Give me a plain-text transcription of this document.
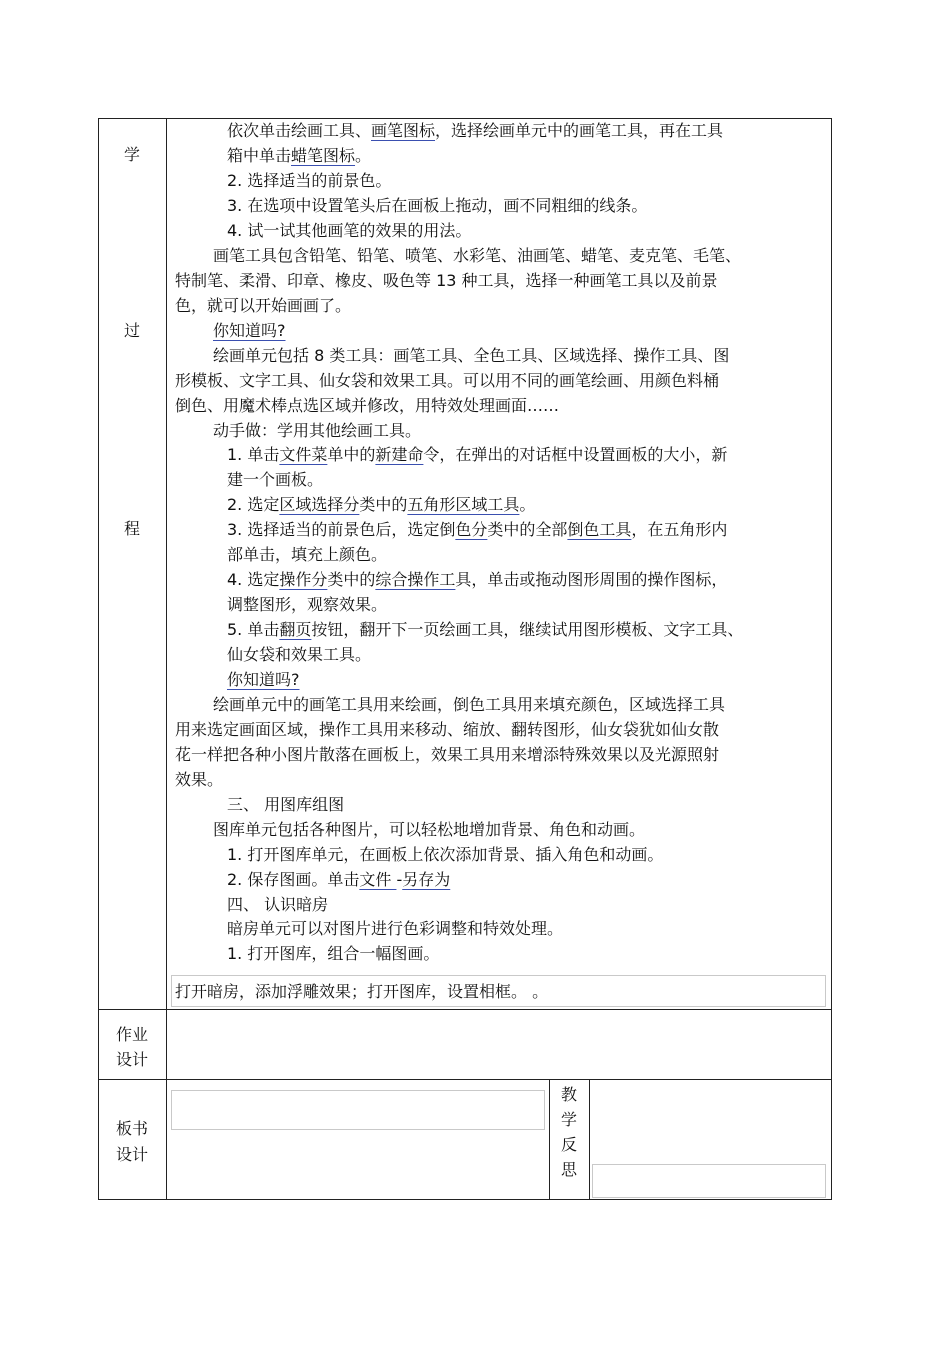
学
过
程
作业
设计
板书
设计
教
学
反
思
依次单击绘画工具、画笔图标，选择绘画单元中的画笔工具，再在工具
箱中单击蜡笔图标。
2. 选择适当的前景色。
3. 在选项中设置笔头后在画板上拖动，画不同粗细的线条。
4. 试一试其他画笔的效果的用法。
画笔工具包含铅笔、铅笔、喷笔、水彩笔、油画笔、蜡笔、麦克笔、毛笔、
特制笔、柔滑、印章、橡皮、吸色等 13 种工具，选择一种画笔工具以及前景
色，就可以开始画画了。
你知道吗?
绘画单元包括 8 类工具：画笔工具、全色工具、区域选择、操作工具、图
形模板、文字工具、仙女袋和效果工具。可以用不同的画笔绘画、用颜色料桶
倒色、用魔术棒点选区域并修改，用特效处理画面……
动手做：学用其他绘画工具。
1. 单击文件菜单中的新建命令，在弹出的对话框中设置画板的大小，新
建一个画板。
2. 选定区域选择分类中的五角形区域工具。
3. 选择适当的前景色后，选定倒色分类中的全部倒色工具，在五角形内
部单击，填充上颜色。
4. 选定操作分类中的综合操作工具，单击或拖动图形周围的操作图标，
调整图形，观察效果。
5. 单击翻页按钮，翻开下一页绘画工具，继续试用图形模板、文字工具、
仙女袋和效果工具。
你知道吗?
绘画单元中的画笔工具用来绘画，倒色工具用来填充颜色，区域选择工具
用来选定画面区域，操作工具用来移动、缩放、翻转图形，仙女袋犹如仙女散
花一样把各种小图片散落在画板上，效果工具用来增添特殊效果以及光源照射
效果。
三、 用图库组图
图库单元包括各种图片，可以轻松地增加背景、角色和动画。
1. 打开图库单元，在画板上依次添加背景、插入角色和动画。
2. 保存图画。单击文件 -另存为
四、 认识暗房
暗房单元可以对图片进行色彩调整和特效处理。
1. 打开图库，组合一幅图画。
打开暗房，添加浮雕效果；打开图库，设置相框。 。
